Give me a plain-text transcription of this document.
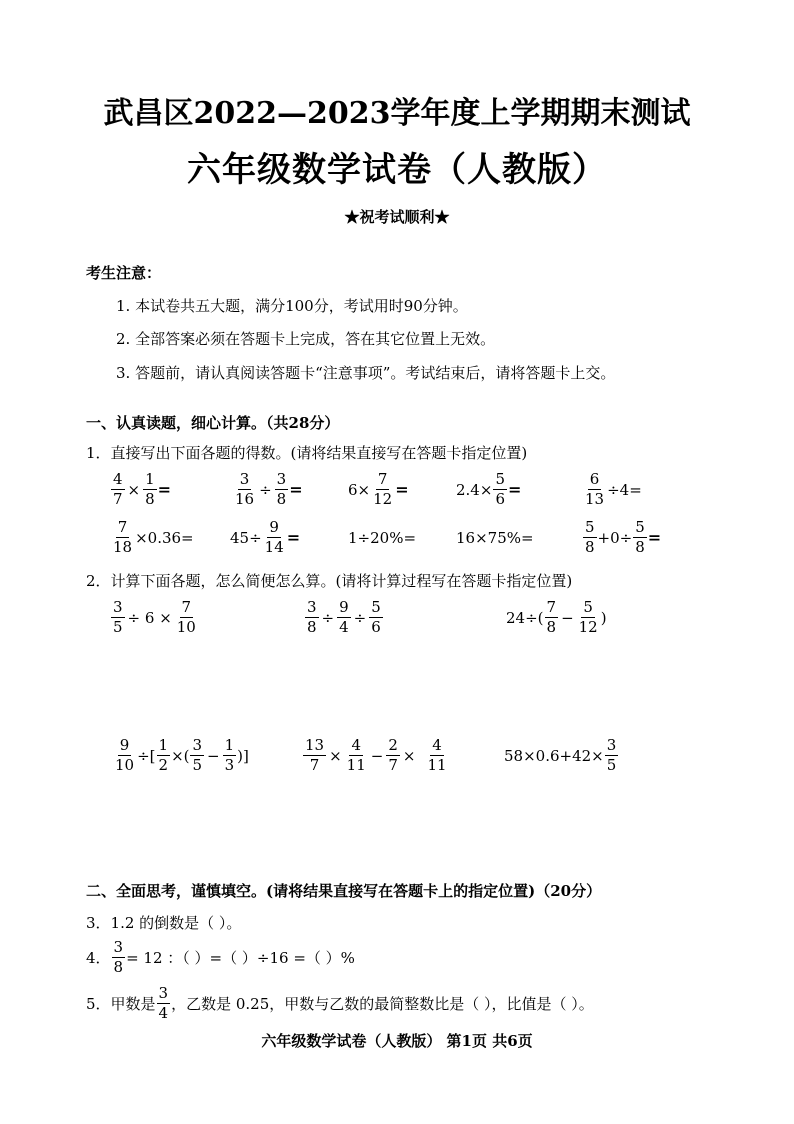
武昌区2022—2023学年度上学期期末测试
六年级数学试卷（人教版）
★祝考试顺利★
考生注意：
1. 本试卷共五大题，满分100分，考试用时90分钟。
2. 全部答案必须在答题卡上完成，答在其它位置上无效。
3. 答题前，请认真阅读答题卡“注意事项”。考试结束后，请将答题卡上交。
一、认真读题，细心计算。（共28分）
1．直接写出下面各题的得数。(请将结果直接写在答题卡指定位置)
$\frac{4}{7} \times \frac{1}{8}$ =	$\frac{3}{16} \div \frac{3}{8}$ =	$6\times \frac{7}{12}$ =	$2.4\times \frac{5}{6}$ =	$\frac{6}{13} \div 4=$
$\frac{7}{18} \times 0.36= 45\div \frac{9}{14}$ =	1÷20%=	16×75%=	$\frac{5}{8} +0\div \frac{5}{8}$ =
2．计算下面各题，怎么简便怎么算。(请将计算过程写在答题卡指定位置)
$\frac{3}{5} \div 6 \times \frac{7}{10}$	$\frac{3}{8} \div \frac{9}{4} \div \frac{5}{6}$	$24\div( \frac{7}{8} - \frac{5}{12}$ )
$\frac{9}{10}$ ÷[ $\frac{1}{2}$ ×( $\frac{3}{5} - \frac{1}{3}$ )]	$\frac{13}{7} \times \frac{4}{11} - \frac{2}{7} \times \frac{4}{11}$	$58\times 0.6+42\times \frac{3}{5}$
二、全面思考，谨慎填空。(请将结果直接写在答题卡上的指定位置)（20分）
3．1.2 的倒数是（ ）。
4． $\frac{3}{8} = 12$ ：（ ）=（ ）÷16 =（ ）%
5．甲数是 $\frac{3}{4}$ ，乙数是 0.25，甲数与乙数的最简整数比是（ ），比值是（ ）。
六年级数学试卷（人教版） 第1页 共6页
